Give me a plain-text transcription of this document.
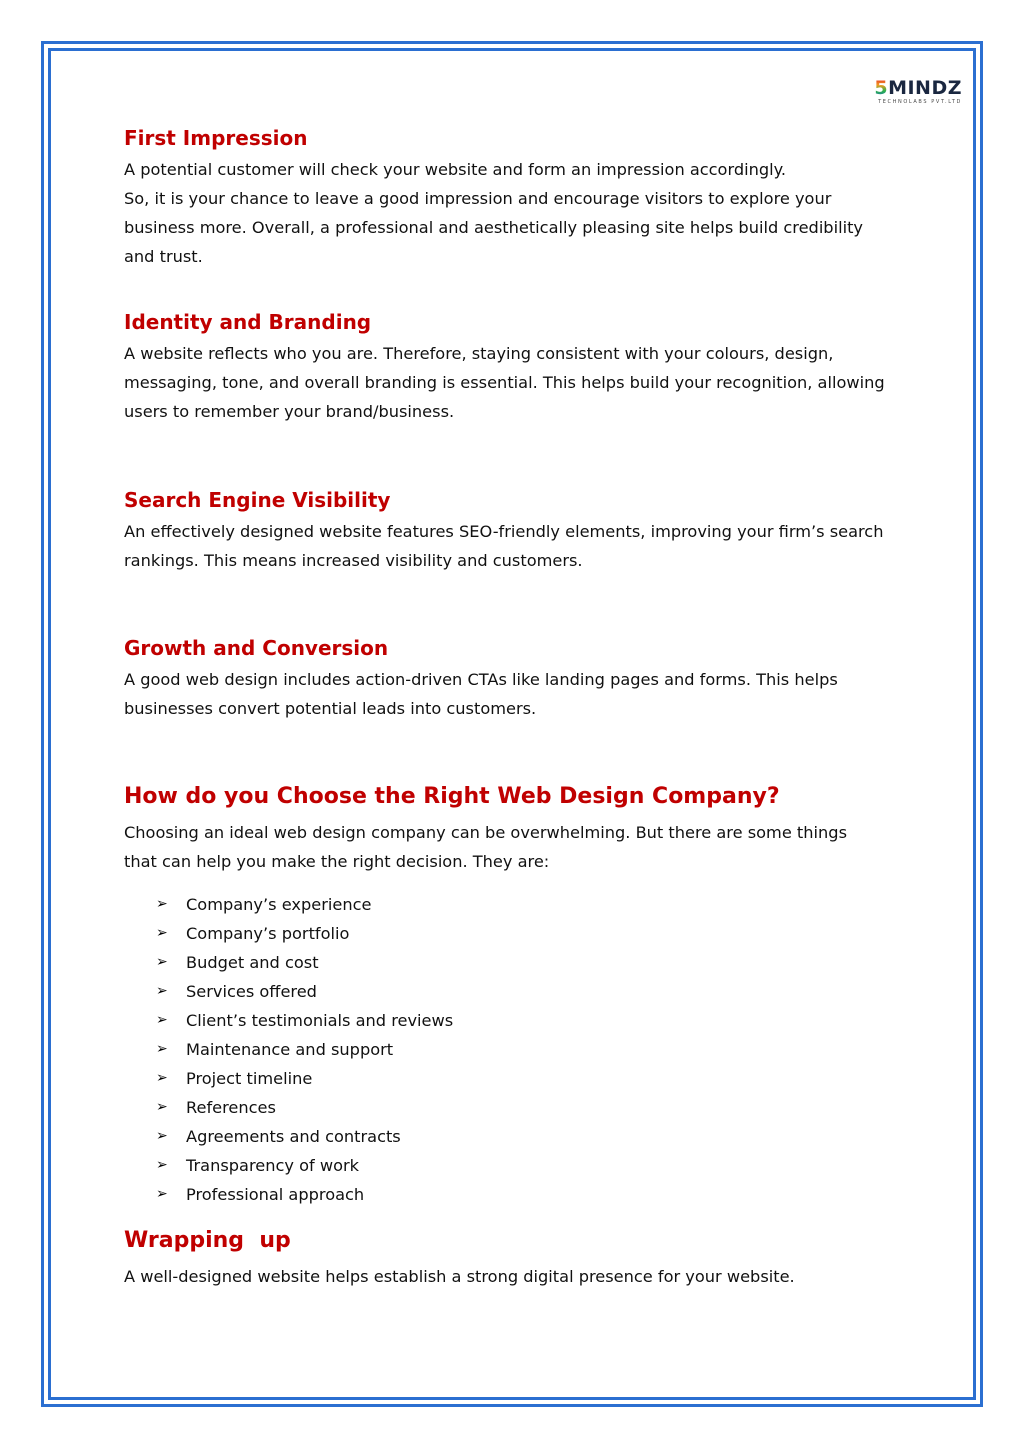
5 MINDZ
TECHNOLABS PVT.LTD
First Impression
A potential customer will check your website and form an impression accordingly.
So, it is your chance to leave a good impression and encourage visitors to explore your
business more. Overall, a professional and aesthetically pleasing site helps build credibility
and trust.
Identity and Branding
A website reflects who you are. Therefore, staying consistent with your colours, design,
messaging, tone, and overall branding is essential. This helps build your recognition, allowing
users to remember your brand/business.
Search Engine Visibility
An effectively designed website features SEO-friendly elements, improving your firm’s search
rankings. This means increased visibility and customers.
Growth and Conversion
A good web design includes action-driven CTAs like landing pages and forms. This helps
businesses convert potential leads into customers.
How do you Choose the Right Web Design Company?
Choosing an ideal web design company can be overwhelming. But there are some things
that can help you make the right decision. They are:
➢ Company’s experience
➢ Company’s portfolio
➢ Budget and cost
➢ Services offered
➢ Client’s testimonials and reviews
➢ Maintenance and support
➢ Project timeline
➢ References
➢ Agreements and contracts
➢ Transparency of work
➢ Professional approach
Wrapping  up
A well-designed website helps establish a strong digital presence for your website.
